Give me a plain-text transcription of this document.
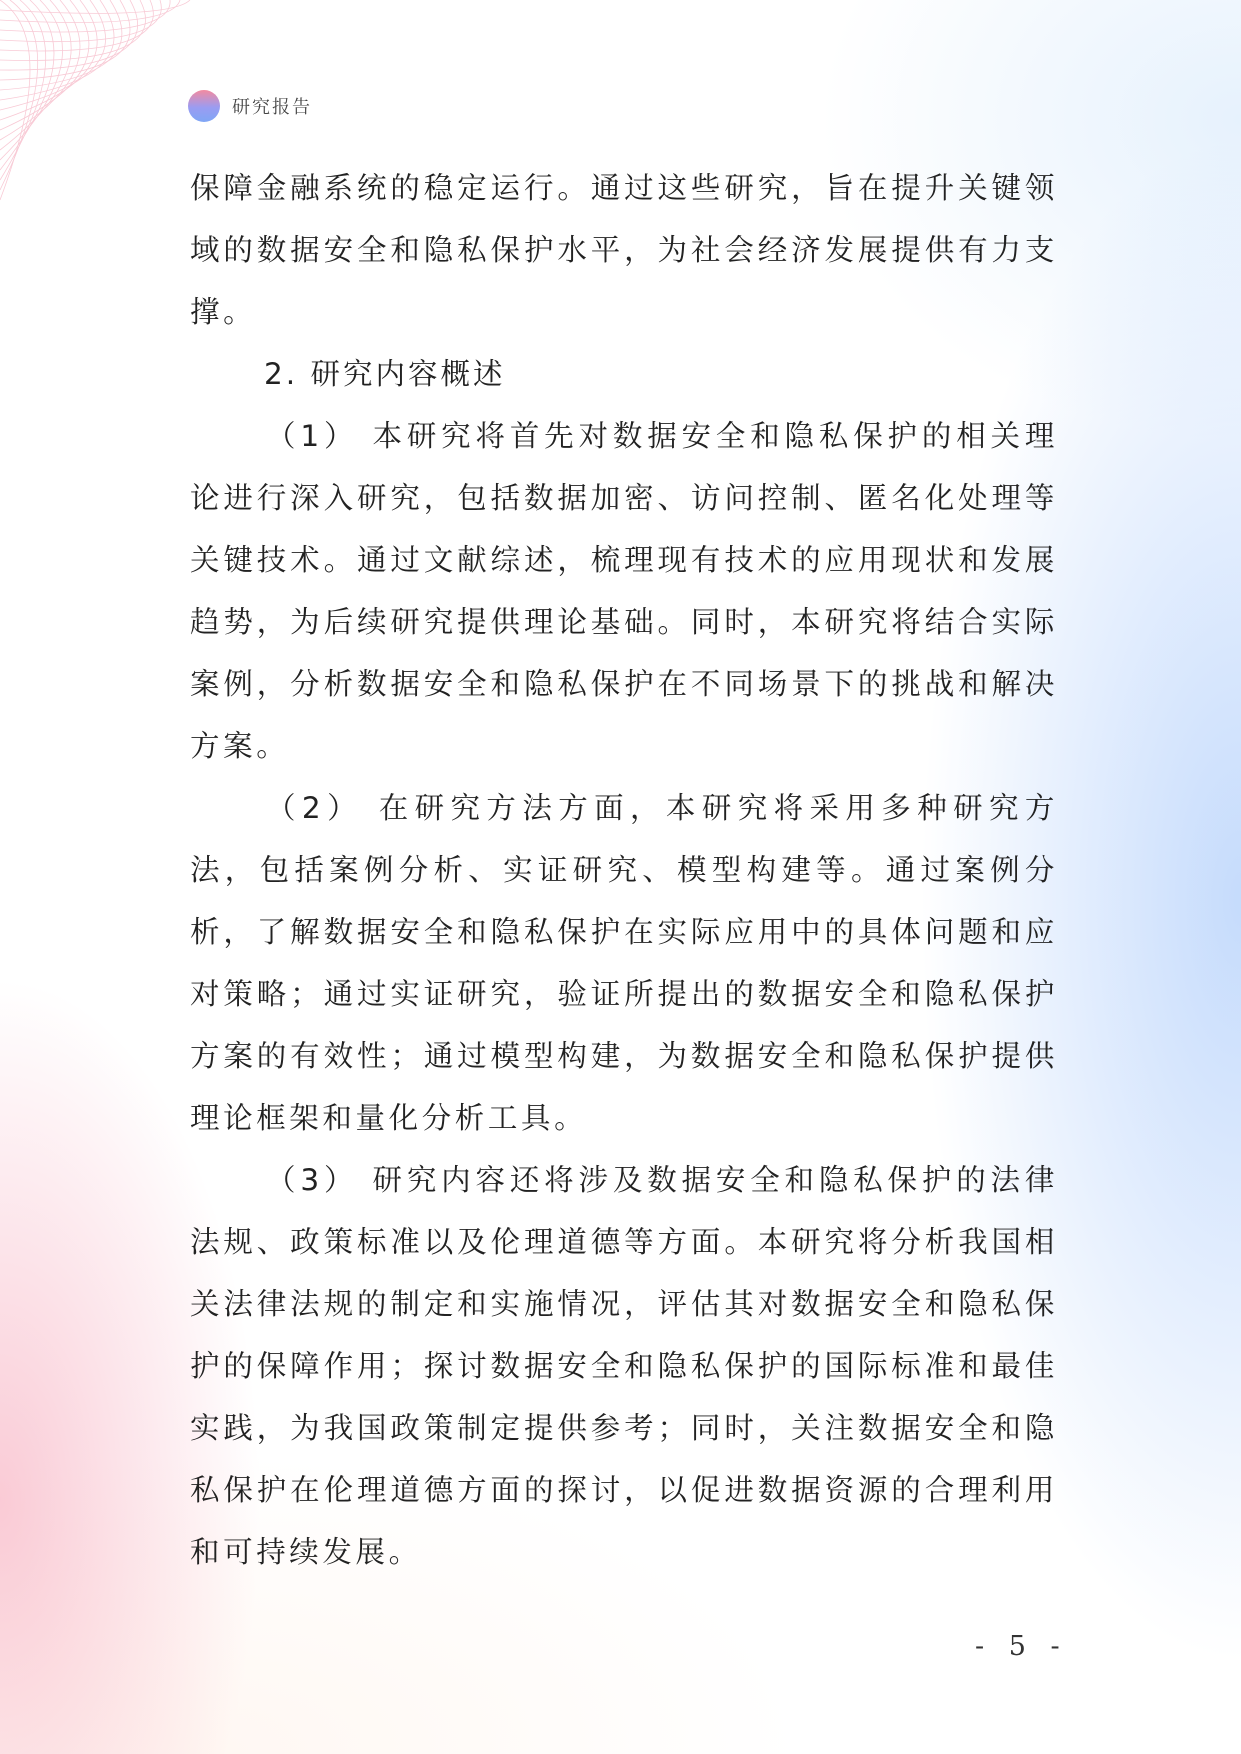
研究报告

保障金融系统的稳定运行。通过这些研究，旨在提升关键领域的数据安全和隐私保护水平，为社会经济发展提供有力支撑。

2. 研究内容概述

（1） 本研究将首先对数据安全和隐私保护的相关理论进行深入研究，包括数据加密、访问控制、匿名化处理等关键技术。通过文献综述，梳理现有技术的应用现状和发展趋势，为后续研究提供理论基础。同时，本研究将结合实际案例，分析数据安全和隐私保护在不同场景下的挑战和解决方案。

（2） 在研究方法方面，本研究将采用多种研究方法，包括案例分析、实证研究、模型构建等。通过案例分析，了解数据安全和隐私保护在实际应用中的具体问题和应对策略；通过实证研究，验证所提出的数据安全和隐私保护方案的有效性；通过模型构建，为数据安全和隐私保护提供理论框架和量化分析工具。

（3） 研究内容还将涉及数据安全和隐私保护的法律法规、政策标准以及伦理道德等方面。本研究将分析我国相关法律法规的制定和实施情况，评估其对数据安全和隐私保护的保障作用；探讨数据安全和隐私保护的国际标准和最佳实践，为我国政策制定提供参考；同时，关注数据安全和隐私保护在伦理道德方面的探讨，以促进数据资源的合理利用和可持续发展。

- 5 -
